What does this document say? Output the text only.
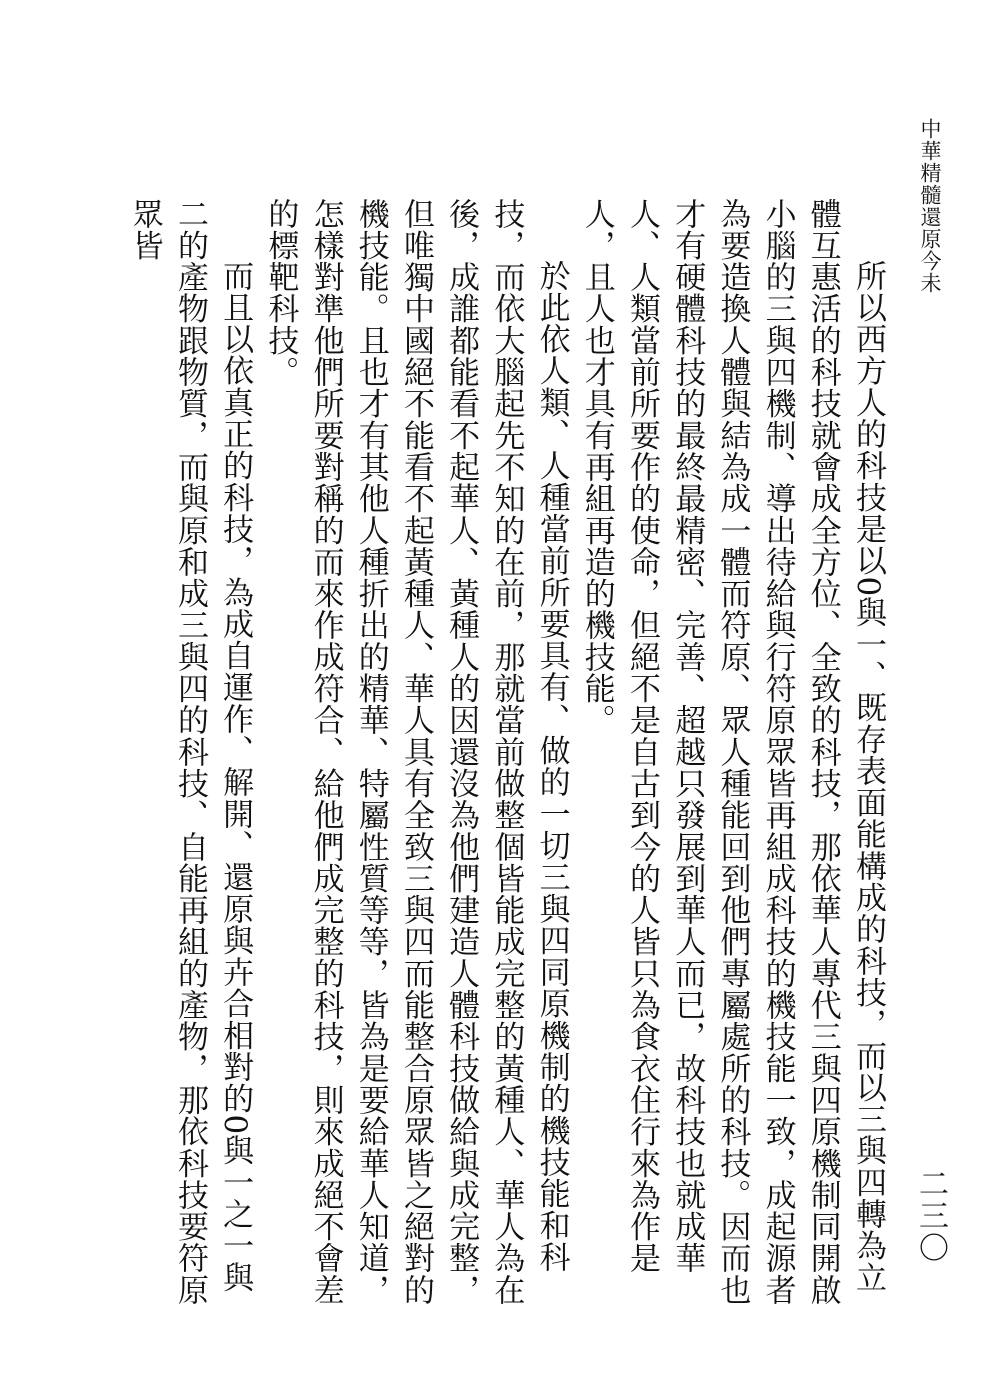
中華精髓還原今未

所以西方人的科技是以0與一、既存表面能構成的科技，而以三與四轉為立體互惠活的科技就會成全方位、全致的科技，那依華人專代三與四原機制同開啟小腦的三與四機制、導出待給與行符原眾皆再組成科技的機技能一致，成起源者為要造換人體與結為成一體而符原、眾人種能回到他們專屬處所的科技。因而也才有硬體科技的最終最精密、完善、超越只發展到華人而已，故科技也就成華人、人類當前所要作的使命，但絕不是自古到今的人皆只為食衣住行來為作是人，且人也才具有再組再造的機技能。

於此依人類、人種當前所要具有、做的一切三與四同原機制的機技能和科技，而依大腦起先不知的在前，那就當前做整個皆能成完整的黃種人、華人為在後，成誰都能看不起華人、黃種人的因還沒為他們建造人體科技做給與成完整，但唯獨中國絕不能看不起黃種人、華人具有全致三與四而能整合原眾皆之絕對的機技能。且也才有其他人種折出的精華、特屬性質等等，皆為是要給華人知道，怎樣對準他們所要對稱的而來作成符合、給他們成完整的科技，則來成絕不會差的標靶科技。

而且以依真正的科技，為成自運作、解開、還原與卉合相對的0與一之一與二的產物跟物質，而與原和成三與四的科技、自能再組的產物，那依科技要符原眾皆

二三〇
